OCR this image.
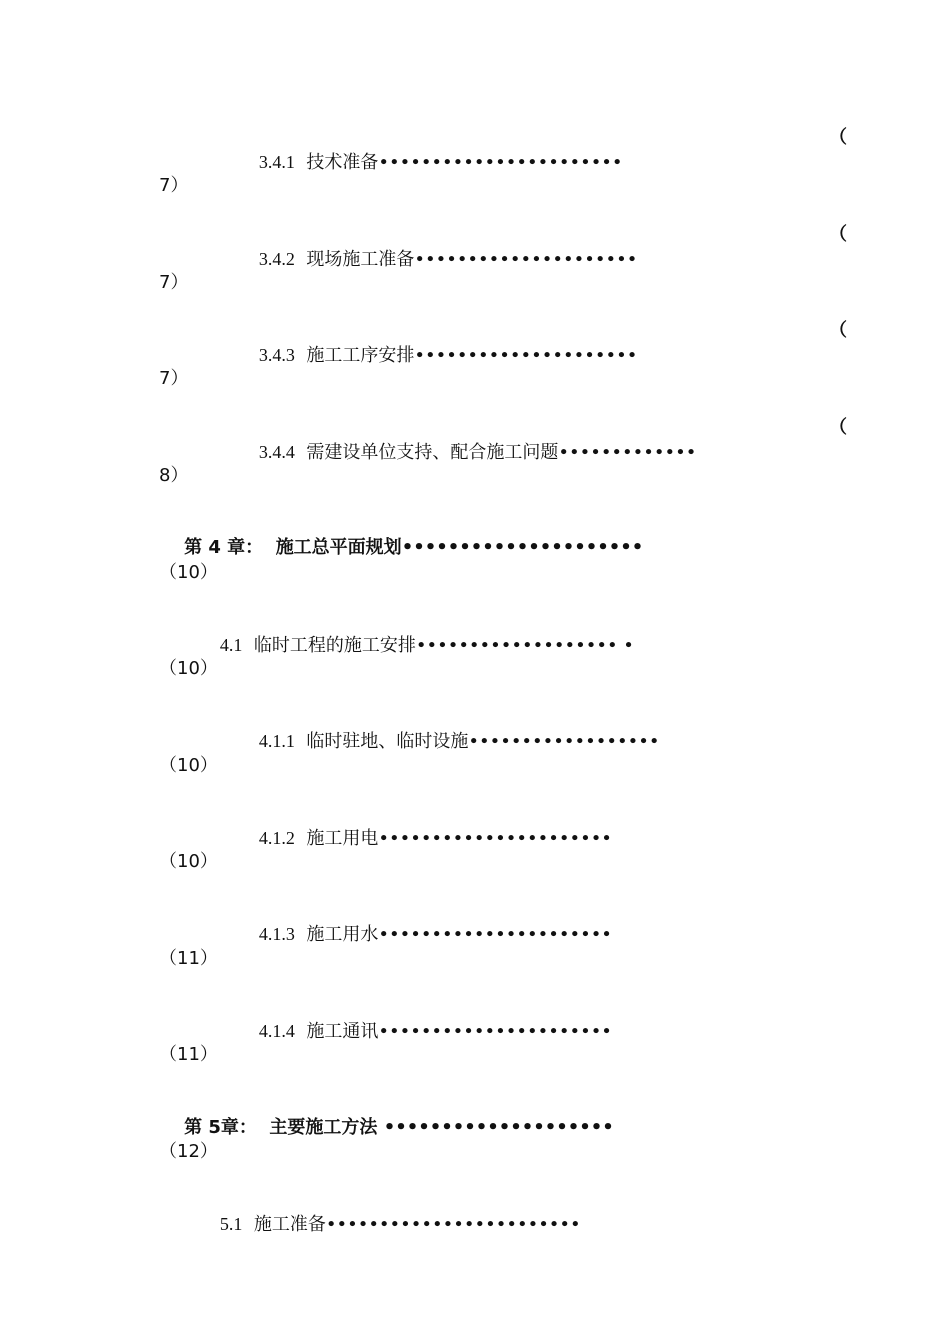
3.4.1 技术准备•••••••••••••••••••••••

（
7）

3.4.2 现场施工准备•••••••••••••••••••••

（
7）

3.4.3 施工工序安排•••••••••••••••••••••

（
7）

3.4.4 需建设单位支持、配合施工问题•••••••••••••

（
8）

第 4 章： 施工总平面规划•••••••••••••••••••••

（10）

4.1 临时工程的施工安排••••••••••••••••••• •

（10）

4.1.1 临时驻地、临时设施••••••••••••••••••

（10）

4.1.2 施工用电••••••••••••••••••••••

（10）

4.1.3 施工用水••••••••••••••••••••••

（11）

4.1.4 施工通讯••••••••••••••••••••••

（11）

第 5章： 主要施工方法 ••••••••••••••••••••

（12）

5.1 施工准备••••••••••••••••••••••••
